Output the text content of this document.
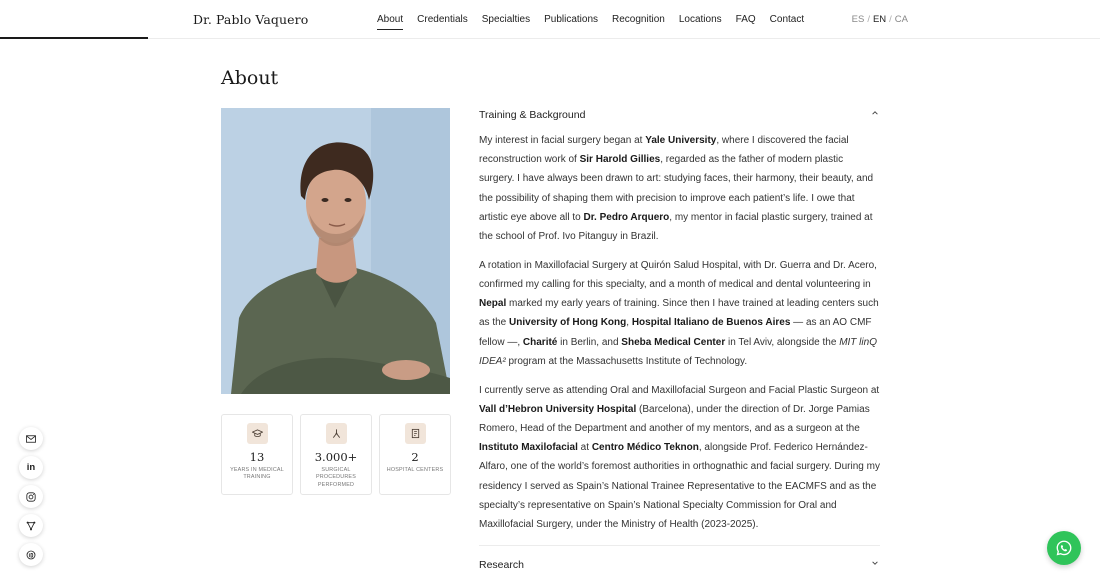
Dr. Pablo Vaquero	About Credentials Specialties Publications Recognition Locations FAQ Contact	ES / EN / CA
About
13
YEARS IN MEDICAL TRAINING
3.000+
SURGICAL PROCEDURES PERFORMED
2
HOSPITAL CENTERS
Training & Background

My interest in facial surgery began at Yale University, where I discovered the facial reconstruction work of Sir Harold Gillies, regarded as the father of modern plastic surgery. I have always been drawn to art: studying faces, their harmony, their beauty, and the possibility of shaping them with precision to improve each patient’s life. I owe that artistic eye above all to Dr. Pedro Arquero, my mentor in facial plastic surgery, trained at the school of Prof. Ivo Pitanguy in Brazil.

A rotation in Maxillofacial Surgery at Quirón Salud Hospital, with Dr. Guerra and Dr. Acero, confirmed my calling for this specialty, and a month of medical and dental volunteering in Nepal marked my early years of training. Since then I have trained at leading centers such as the University of Hong Kong, Hospital Italiano de Buenos Aires — as an AO CMF fellow —, Charité in Berlin, and Sheba Medical Center in Tel Aviv, alongside the MIT linQ IDEA² program at the Massachusetts Institute of Technology.

I currently serve as attending Oral and Maxillofacial Surgeon and Facial Plastic Surgeon at Vall d’Hebron University Hospital (Barcelona), under the direction of Dr. Jorge Pamias Romero, Head of the Department and another of my mentors, and as a surgeon at the Instituto Maxilofacial at Centro Médico Teknon, alongside Prof. Federico Hernández-Alfaro, one of the world’s foremost authorities in orthognathic and facial surgery. During my residency I served as Spain’s National Trainee Representative to the EACMFS and as the specialty’s representative on Spain’s National Specialty Commission for Oral and Maxillofacial Surgery, under the Ministry of Health (2023-2025).

Research
in
